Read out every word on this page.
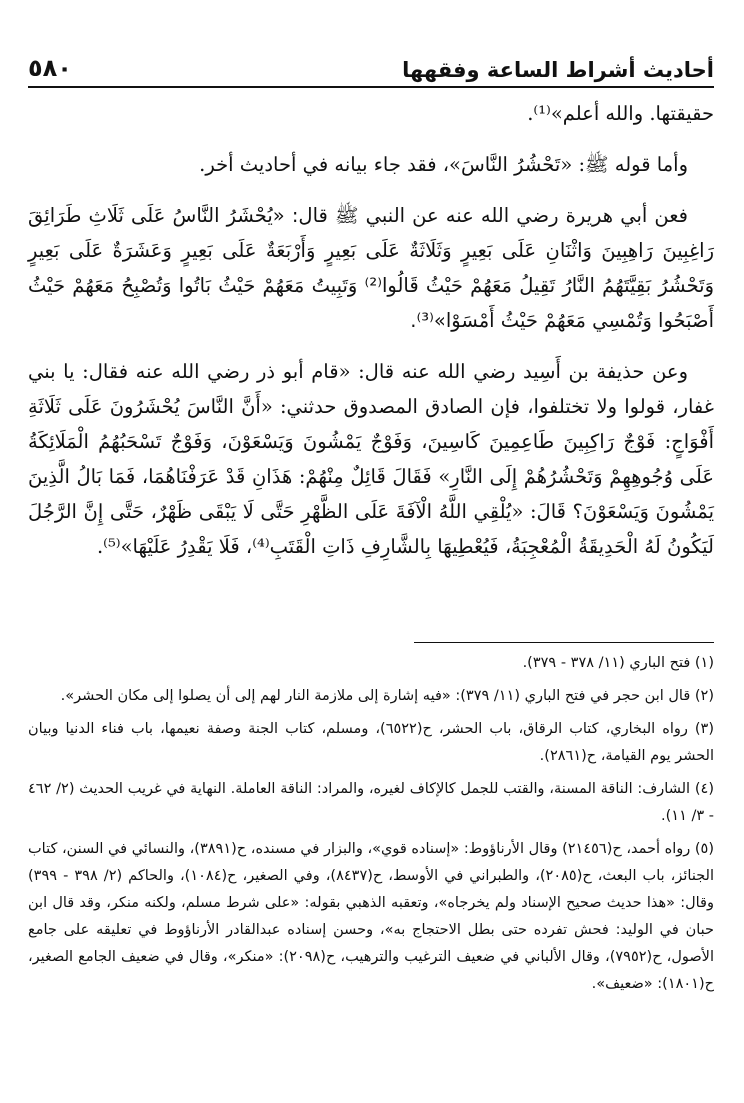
أحاديث أشراط الساعة وفقهها
٥٨٠

حقيقتها. والله أعلم»⁽¹⁾.

وأما قوله ﷺ: «تَحْشُرُ النَّاسَ»، فقد جاء بيانه في أحاديث أخر.

فعن أبي هريرة رضي الله عنه عن النبي ﷺ قال: «يُحْشَرُ النَّاسُ عَلَى ثَلَاثِ طَرَائِقَ رَاغِبِينَ رَاهِبِينَ وَاثْنَانِ عَلَى بَعِيرٍ وَثَلَاثَةٌ عَلَى بَعِيرٍ وَأَرْبَعَةٌ عَلَى بَعِيرٍ وَعَشَرَةٌ عَلَى بَعِيرٍ وَتَحْشُرُ بَقِيَّتَهُمُ النَّارُ تَقِيلُ مَعَهُمْ حَيْثُ قَالُوا⁽²⁾ وَتَبِيتُ مَعَهُمْ حَيْثُ بَاتُوا وَتُصْبِحُ مَعَهُمْ حَيْثُ أَصْبَحُوا وَتُمْسِي مَعَهُمْ حَيْثُ أَمْسَوْا»⁽³⁾.

وعن حذيفة بن أَسِيد رضي الله عنه قال: «قام أبو ذر رضي الله عنه فقال: يا بني غفار، قولوا ولا تختلفوا، فإن الصادق المصدوق حدثني: «أَنَّ النَّاسَ يُحْشَرُونَ عَلَى ثَلَاثَةِ أَفْوَاجٍ: فَوْجٌ رَاكِبِينَ طَاعِمِينَ كَاسِينَ، وَفَوْجٌ يَمْشُونَ وَيَسْعَوْنَ، وَفَوْجٌ تَسْحَبُهُمُ الْمَلَائِكَةُ عَلَى وُجُوهِهِمْ وَتَحْشُرُهُمْ إِلَى النَّارِ» فَقَالَ قَائِلٌ مِنْهُمْ: هَذَانِ قَدْ عَرَفْنَاهُمَا، فَمَا بَالُ الَّذِينَ يَمْشُونَ وَيَسْعَوْنَ؟ قَالَ: «يُلْقِي اللَّهُ الْآفَةَ عَلَى الظَّهْرِ حَتَّى لَا يَبْقَى ظَهْرٌ، حَتَّى إِنَّ الرَّجُلَ لَيَكُونُ لَهُ الْحَدِيقَةُ الْمُعْجِبَةُ، فَيُعْطِيهَا بِالشَّارِفِ ذَاتِ الْقَتَبِ⁽⁴⁾، فَلَا يَقْدِرُ عَلَيْهَا»⁽⁵⁾.

(١) فتح الباري (١١/ ٣٧٨ - ٣٧٩).

(٢) قال ابن حجر في فتح الباري (١١/ ٣٧٩): «فيه إشارة إلى ملازمة النار لهم إلى أن يصلوا إلى مكان الحشر».

(٣) رواه البخاري، كتاب الرقاق، باب الحشر، ح(٦٥٢٢)، ومسلم، كتاب الجنة وصفة نعيمها، باب فناء الدنيا وبيان الحشر يوم القيامة، ح(٢٨٦١).

(٤) الشارف: الناقة المسنة، والقتب للجمل كالإكاف لغيره، والمراد: الناقة العاملة. النهاية في غريب الحديث (٢/ ٤٦٢ - ٣/ ١١).

(٥) رواه أحمد، ح(٢١٤٥٦) وقال الأرناؤوط: «إسناده قوي»، والبزار في مسنده، ح(٣٨٩١)، والنسائي في السنن، كتاب الجنائز، باب البعث، ح(٢٠٨٥)، والطبراني في الأوسط، ح(٨٤٣٧)، وفي الصغير، ح(١٠٨٤)، والحاكم (٢/ ٣٩٨ - ٣٩٩) وقال: «هذا حديث صحيح الإسناد ولم يخرجاه»، وتعقبه الذهبي بقوله: «على شرط مسلم، ولكنه منكر، وقد قال ابن حبان في الوليد: فحش تفرده حتى بطل الاحتجاج به»، وحسن إسناده عبدالقادر الأرناؤوط في تعليقه على جامع الأصول، ح(٧٩٥٢)، وقال الألباني في ضعيف الترغيب والترهيب، ح(٢٠٩٨): «منكر»، وقال في ضعيف الجامع الصغير، ح(١٨٠١): «ضعيف».
